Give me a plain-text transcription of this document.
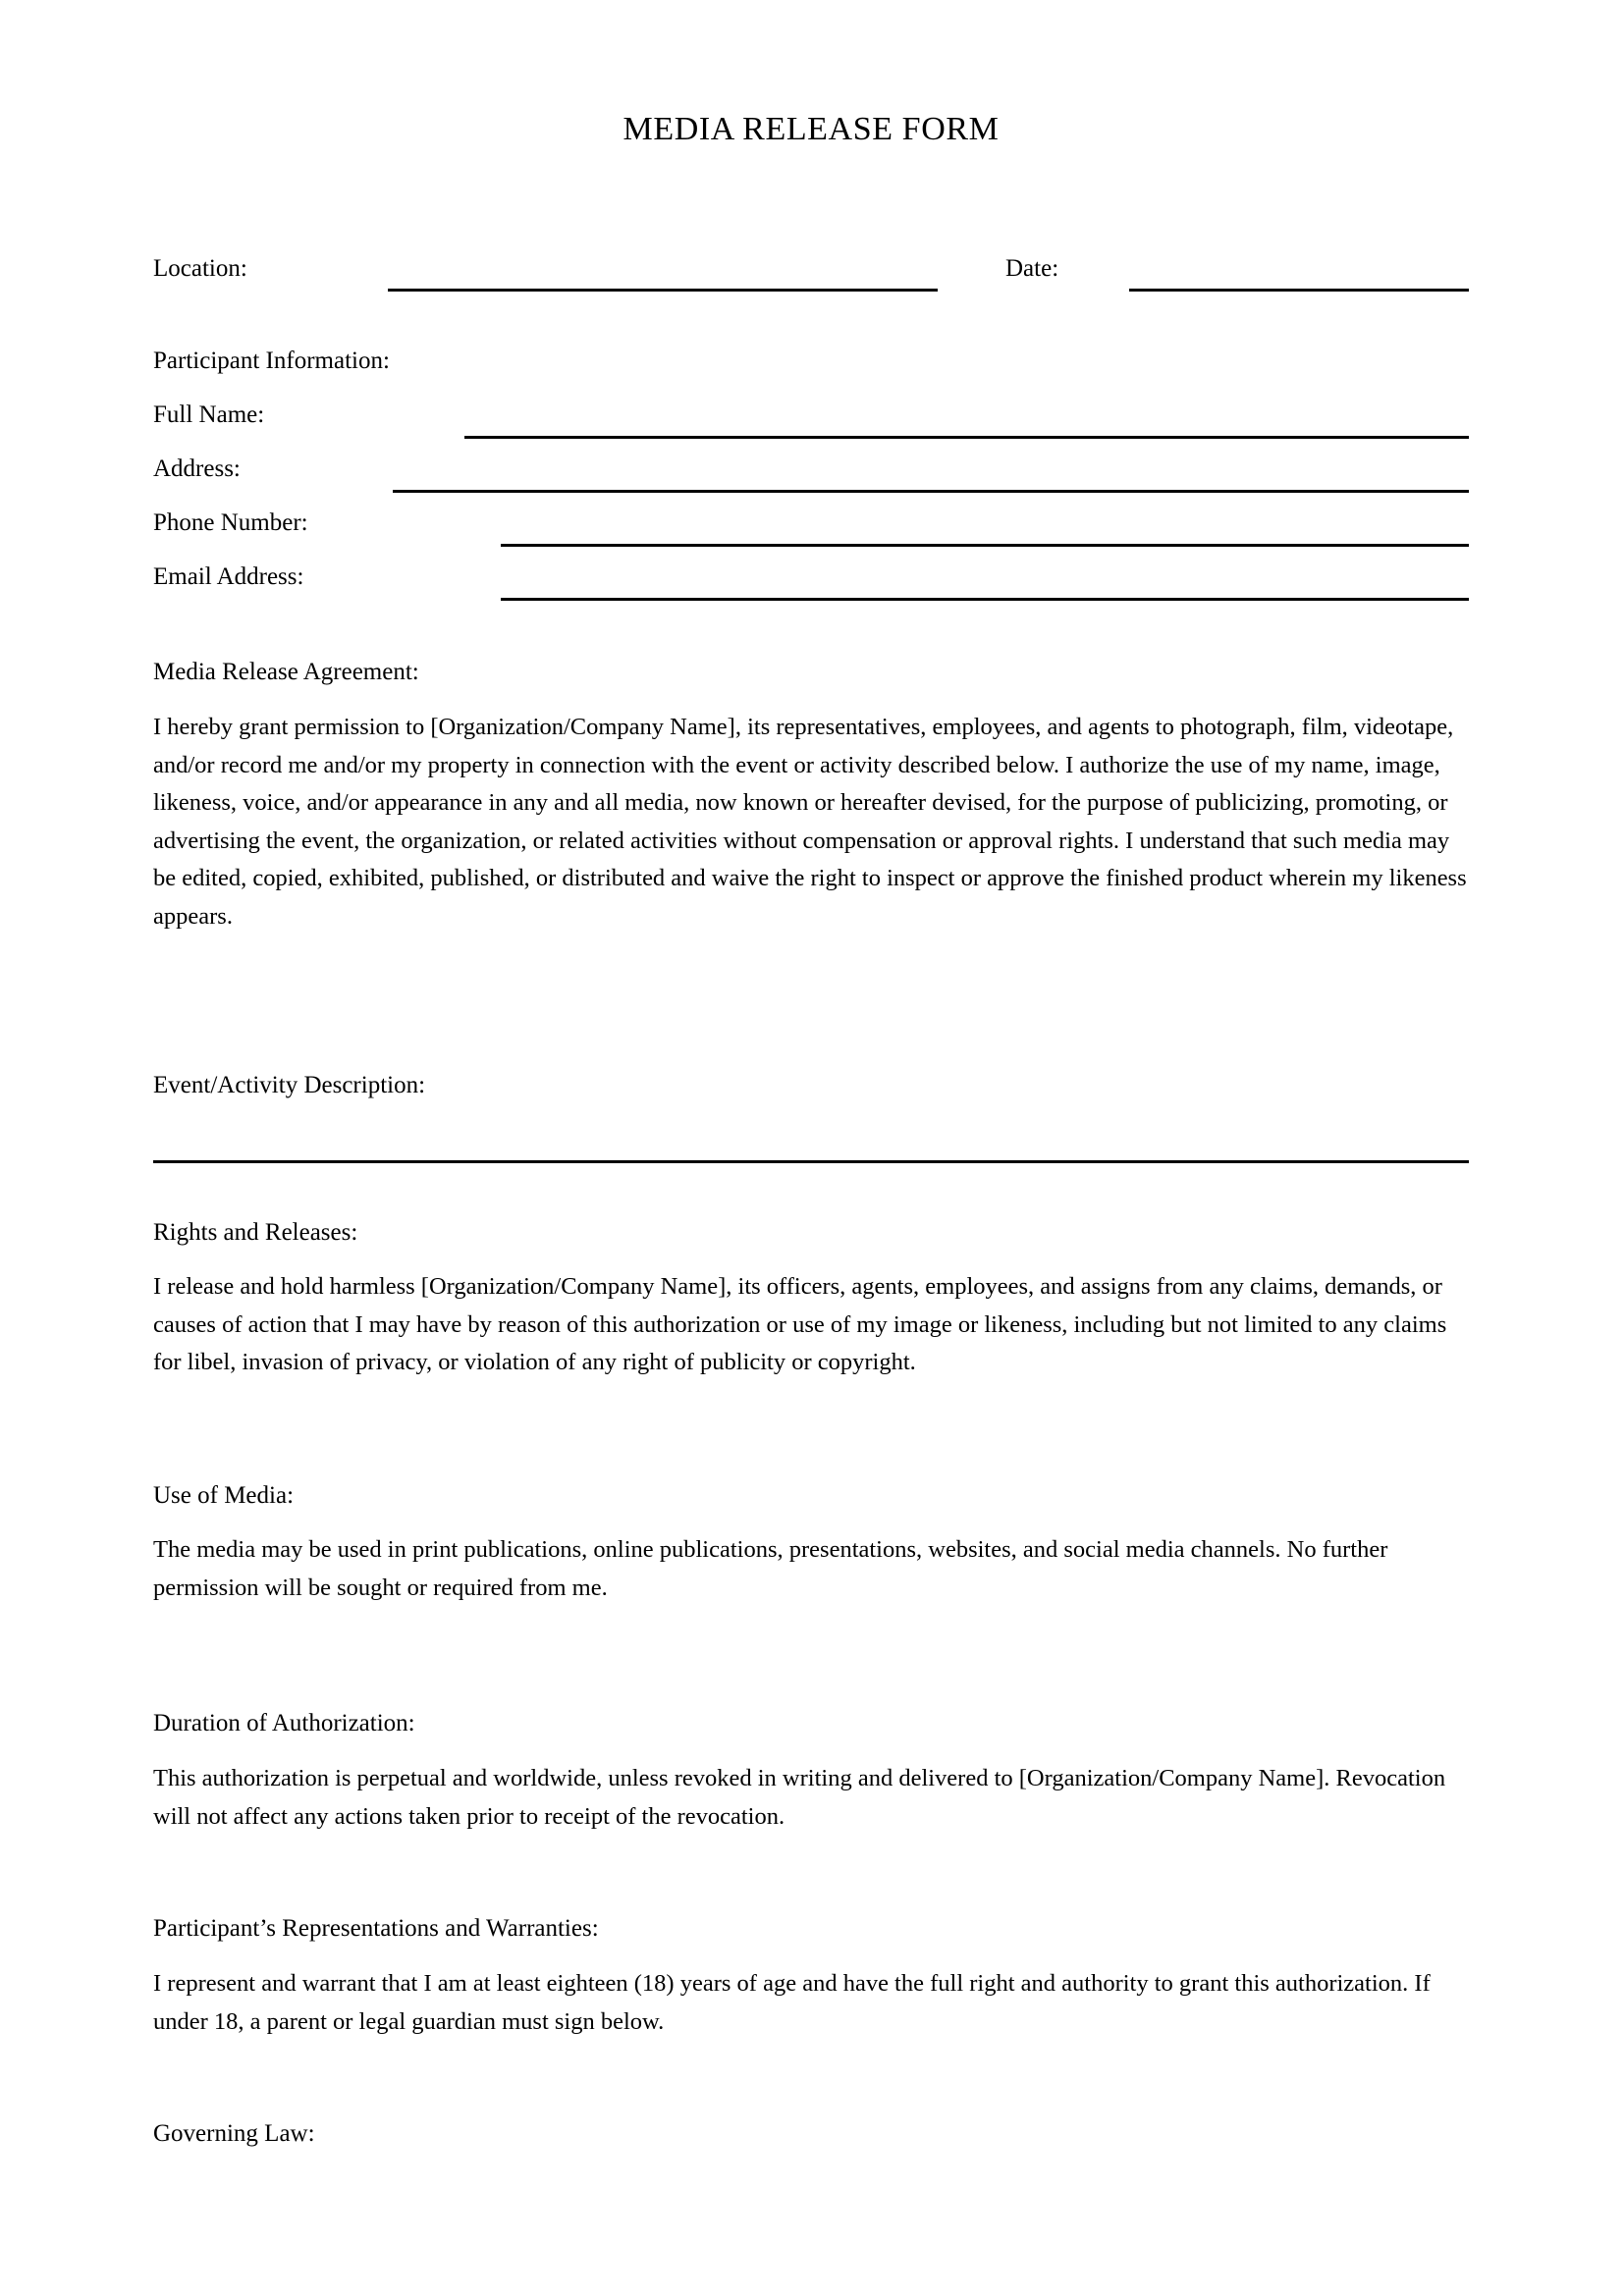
MEDIA RELEASE FORM
Location:	Date:
Participant Information:
Full Name:
Address:
Phone Number:
Email Address:
Media Release Agreement:
I hereby grant permission to [Organization/Company Name], its representatives, employees, and agents to photograph, film, videotape, and/or record me and/or my property in connection with the event or activity described below. I authorize the use of my name, image, likeness, voice, and/or appearance in any and all media, now known or hereafter devised, for the purpose of publicizing, promoting, or advertising the event, the organization, or related activities without compensation or approval rights. I understand that such media may be edited, copied, exhibited, published, or distributed and waive the right to inspect or approve the finished product wherein my likeness appears.
Event/Activity Description:
Rights and Releases:
I release and hold harmless [Organization/Company Name], its officers, agents, employees, and assigns from any claims, demands, or causes of action that I may have by reason of this authorization or use of my image or likeness, including but not limited to any claims for libel, invasion of privacy, or violation of any right of publicity or copyright.
Use of Media:
The media may be used in print publications, online publications, presentations, websites, and social media channels. No further permission will be sought or required from me.
Duration of Authorization:
This authorization is perpetual and worldwide, unless revoked in writing and delivered to [Organization/Company Name]. Revocation will not affect any actions taken prior to receipt of the revocation.
Participant’s Representations and Warranties:
I represent and warrant that I am at least eighteen (18) years of age and have the full right and authority to grant this authorization. If under 18, a parent or legal guardian must sign below.
Governing Law:
